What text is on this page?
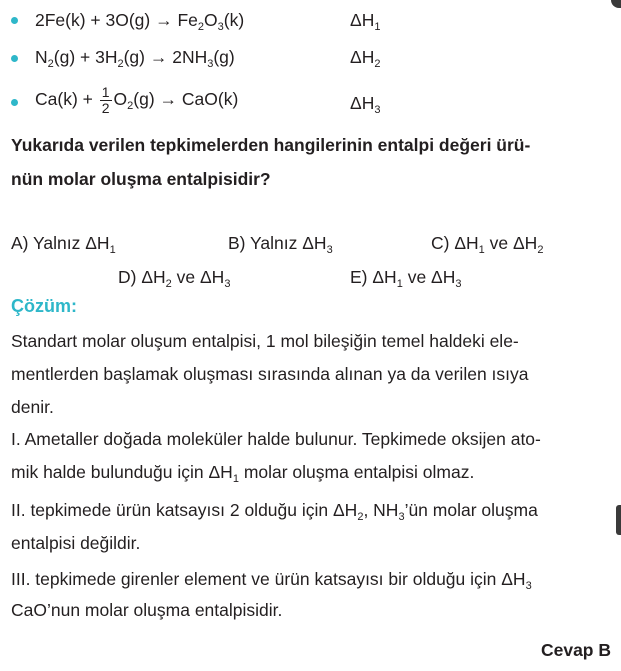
$2Fe(k) + 3O(g) \to Fe_2O_3(k)$	$\Delta H_1$
$N_2(g) + 3H_2(g) \to 2NH_3(g)$	$\Delta H_2$
$Ca(k) + \frac{1}{2} O_2(g) \to CaO(k)$	$\Delta H_3$
Yukarıda verilen tepkimelerden hangilerinin entalpi değeri ürü-
nün molar oluşma entalpisidir?
A) Yalnız $\Delta H_1$	B) Yalnız $\Delta H_3$	C) $\Delta H_1$ ve $\Delta H_2$
D) $\Delta H_2$ ve $\Delta H_3$	E) $\Delta H_1$ ve $\Delta H_3$
Çözüm:
Standart molar oluşum entalpisi, 1 mol bileşiğin temel haldeki ele-
mentlerden başlamak oluşması sırasında alınan ya da verilen ısıya
denir.
I. Ametaller doğada moleküler halde bulunur. Tepkimede oksijen ato-
mik halde bulunduğu için $\Delta H_1$ molar oluşma entalpisi olmaz.
II. tepkimede ürün katsayısı 2 olduğu için $\Delta H_2$, $NH_3’ün$ molar oluşma
entalpisi değildir.
III. tepkimede girenler element ve ürün katsayısı bir olduğu için $\Delta H_3$
CaO’nun molar oluşma entalpisidir.
Cevap B
